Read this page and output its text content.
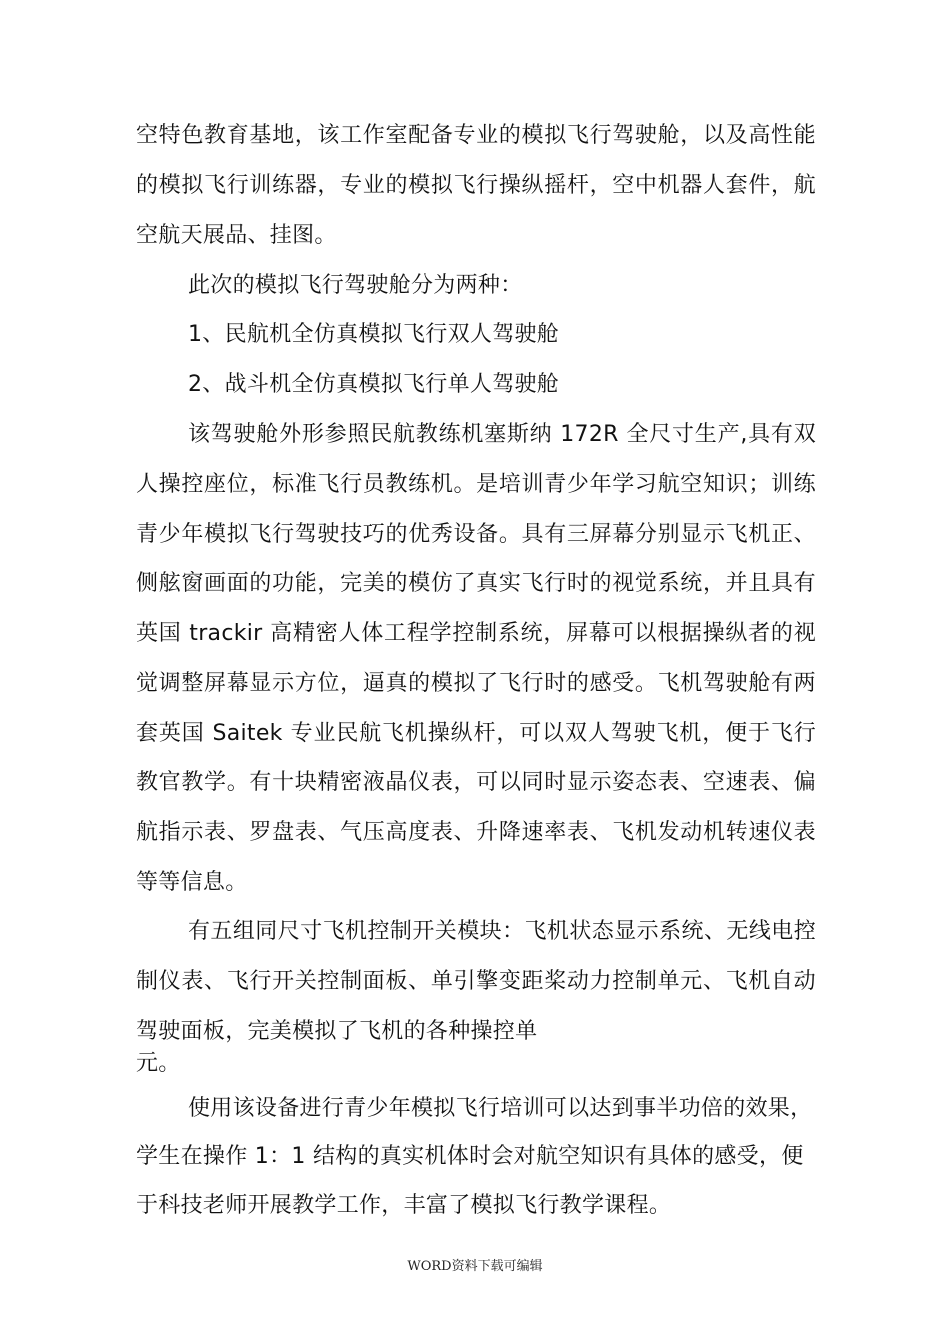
空特色教育基地，该工作室配备专业的模拟飞行驾驶舱，以及高性能
的模拟飞行训练器，专业的模拟飞行操纵摇杆，空中机器人套件，航
空航天展品、挂图。
此次的模拟飞行驾驶舱分为两种：
1、民航机全仿真模拟飞行双人驾驶舱
2、战斗机全仿真模拟飞行单人驾驶舱
该驾驶舱外形参照民航教练机塞斯纳 172R 全尺寸生产,具有双
人操控座位，标准飞行员教练机。是培训青少年学习航空知识；训练
青少年模拟飞行驾驶技巧的优秀设备。具有三屏幕分别显示飞机正、
侧舷窗画面的功能，完美的模仿了真实飞行时的视觉系统，并且具有
英国 trackir 高精密人体工程学控制系统，屏幕可以根据操纵者的视
觉调整屏幕显示方位，逼真的模拟了飞行时的感受。飞机驾驶舱有两
套英国 Saitek 专业民航飞机操纵杆，可以双人驾驶飞机，便于飞行
教官教学。有十块精密液晶仪表，可以同时显示姿态表、空速表、偏
航指示表、罗盘表、气压高度表、升降速率表、飞机发动机转速仪表
等等信息。
有五组同尺寸飞机控制开关模块：飞机状态显示系统、无线电控
制仪表、飞行开关控制面板、单引擎变距桨动力控制单元、飞机自动
驾驶面板，完美模拟了飞机的各种操控单
元。
使用该设备进行青少年模拟飞行培训可以达到事半功倍的效果，
学生在操作 1：1 结构的真实机体时会对航空知识有具体的感受，便
于科技老师开展教学工作，丰富了模拟飞行教学课程。
WORD资料下载可编辑
